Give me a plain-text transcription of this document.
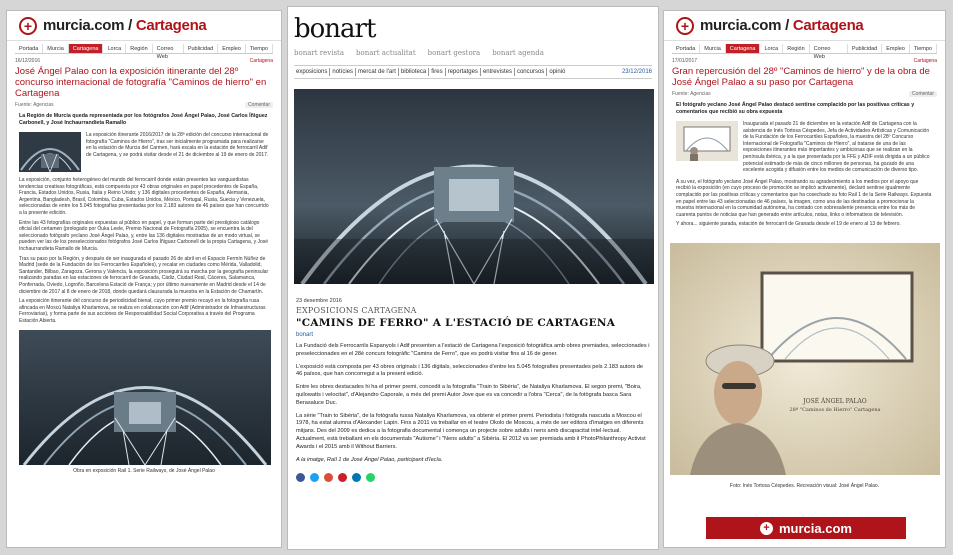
+ murcia.com / Cartagena
Portada	Murcia	Cartagena	Lorca	Región	Correo Web
Publicidad	Empleo	Tiempo
16/12/2016	Cartagena
José Ángel Palao con la exposición itinerante del 28º concurso internacional de fotografía "Caminos de hierro" en Cartagena
Fuente: Agencias	Comentar
La Región de Murcia queda representada por los fotógrafos José Ángel Palao, José Carlos Íñiguez Carbonell, y José Inchaurrandieta Ramallo
La exposición itinerante 2016/2017 de la 28ª edición del concurso internacional de fotografía "Caminos de Hierro", tras ser inicialmente programada para realizarse en la estación de Murcia del Carmen, hará escala en la estación de ferrocarril Adif de Cartagena, y se podrá visitar desde el 21 de diciembre al 19 de enero de 2017.
La exposición, conjunto heterogéneo del mundo del ferrocarril donde están presentes las vanguardistas tendencias creativas fotográficas, está compuesta por 43 obras originales en papel procedentes de España, Francia, Estados Unidos, Rusia, Italia y Reino Unido; y 136 digitales procedentes de España, Alemania, Argentina, Bangladesh, Brasil, Colombia, Cuba, Estados Unidos, México, Portugal, Rusia, Suecia y Venezuela, seleccionadas de entre los 5.045 fotografías presentadas por los 2.183 autores de 46 países que han concurrido a la presente edición.
Entre las 43 fotografías originales expuestas al público en papel, y que forman parte del prestigioso catálogo oficial del certamen (prologado por Óuka Leele, Premio Nacional de Fotografía 2005), se encuentra la del seleccionado fotógrafo yeclano José Ángel Palao, y, entre las 136 digitales mostradas de un modo virtual, se pueden ver las de los preseleccionados fotógrafos José Carlos Íñiguez Carbonell de la propia Cartagena, y José Inchaurrandieta Ramallo de Murcia.
Tras su paso por la Región, y después de ser inaugurada el pasado 26 de abril en el Espacio Fermín Núñez de Madrid (sede de la Fundación de los Ferrocarriles Españoles), y recalar en ciudades como Mérida, Valladolid, Santander, Bilbao, Zaragoza, Gerona y Valencia, la exposición proseguirá su marcha por la geografía peninsular realizando paradas en las estaciones de ferrocarril de Granada, Cádiz, Ciudad Real, Cáceres, Salamanca, Ponferrada, Oviedo, Logroño, Barcelona Estació de França; y por último nuevamente en Madrid desde el 14 de diciembre de 2017 al 8 de enero de 2018, donde quedará clausurada la muestra en la Estación de Chamartín.
La exposición itinerante del concurso de periodicidad bienal, cuyo primer premio recayó en la fotografía rusa afincada en Moscú Nataliya Kharlamova, se realiza en colaboración con Adif (Administrador de Infraestructuras Ferroviarias), y forma parte de sus acciones de Responsabilidad Social Corporativa a través del Programa Estación Abierta.
Obra en exposición Rail 1. Serie Railways, de José Ángel Palao
bonart
bonart revista bonart actualitat bonart gestora bonart agenda
exposicions notícies mercat de l'art biblioteca fires reportatges entrevistes concursos opinió	23/12/2016
23 desembre 2016
EXPOSICIONS CARTAGENA
"CAMINS DE FERRO" A L'ESTACIÓ DE CARTAGENA
bonart
La Fundació dels Ferrocarrils Espanyols i Adif presenten a l'estació de Cartagena l'exposició fotogràfica amb obres premiades, seleccionades i preseleccionades en el 28è concurs fotogràfic "Camins de Ferro", que es podrà visitar fins al 16 de gener.
L'exposició està composta per 43 obres originals i 136 digitals, seleccionades d'entre les 5.045 fotografies presentades pels 2.183 autors de 46 països, que han concorregut a la present edició.
Entre les obres destacades hi ha el primer premi, concedit a la fotografia "Train to Sibèria", de Nataliya Kharlamova. El segon premi, "Boira, quilowatts i velocitat", d'Alejandro Caporale, a més del premi Autor Jove que es va concedir a l'obra "Cerca", de la fotògrafa basca Sara Berasaluce Duc.
La sèrie "Train to Sibèria", de la fotògrafa russa Nataliya Kharlamova, va obtenir el primer premi. Periodista i fotògrafa nascuda a Moscou el 1978, ha estat alumna d'Alexander Lapin. Fins a 2011 va treballar en el teatre Okolo de Moscou, a més de ser editora d'imatges en diferents mitjans. Des del 2009 es dedica a la fotografia documental i comença un projecte sobre adults i nens amb discapacitat intel·lectual. Actualment, està treballant en els documentals "Autisme" i "Nens adults" a Sibèria. El 2012 va ser premiada amb il PhotoPhilanthropy Activist Awards i el 2015 amb il Without Barriers.
A la imatge, Raïl 1 de José Ángel Palao, participant d'Iecla.
+ murcia.com / Cartagena
Portada	Murcia	Cartagena	Lorca	Región	Correo Web
Publicidad	Empleo	Tiempo
17/01/2017	Cartagena
Gran repercusión del 28º "Caminos de hierro" y de la obra de José Ángel Palao a su paso por Cartagena
Fuente: Agencias	Comentar
El fotógrafo yeclano José Ángel Palao destacó sentirse complacido por las positivas críticas y comentarios que recibió su obra expuesta
Inaugurada el pasado 21 de diciembre en la estación Adif de Cartagena con la asistencia de Inés Tortosa Céspedes, Jefa de Actividades Artísticas y Comunicación de la Fundación de los Ferrocarriles Españoles, la muestra del 28º Concurso Internacional de Fotografía "Caminos de Hierro", al tratarse de una de las exposiciones itinerantes más importantes y ambiciosas que se realizan en la península ibérica, y a la que presentada por la FFE y ADIF está dirigida a un público potencial estimado de más de cinco millones de personas, ha gozado de una excelente acogida y difusión entre los medios de comunicación de diverso tipo.
A su vez, el fotógrafo yeclano José Ángel Palao, mostrando su agradecimiento a los medios por el apoyo que recibió la exposición (en cuyo proceso de promoción se implicó activamente), declaró sentirse igualmente complacido por las positivas críticas y comentarios que ha cosechado su foto Rail 1 de la Serie Railways. Expuesta en papel entre las 43 seleccionadas de 46 países, la imagen, como una de las destinadas a promocionar la muestra internacional en la comunidad autónoma, ha contado con sobresaliente presencia entre los más de cuarenta puntos de noticias que han generado entre artículos, notas, links o informativos de televisión.
Y ahora... siguiente parada, estación de ferrocarril de Granada desde el 19 de enero al 13 de febrero.
JOSÉ ÁNGEL PALAO
28º "Caminos de Hierro" Cartagena
Foto: Inés Tortosa Céspedes. Recreación visual: José Ángel Palao.
+ murcia.com
